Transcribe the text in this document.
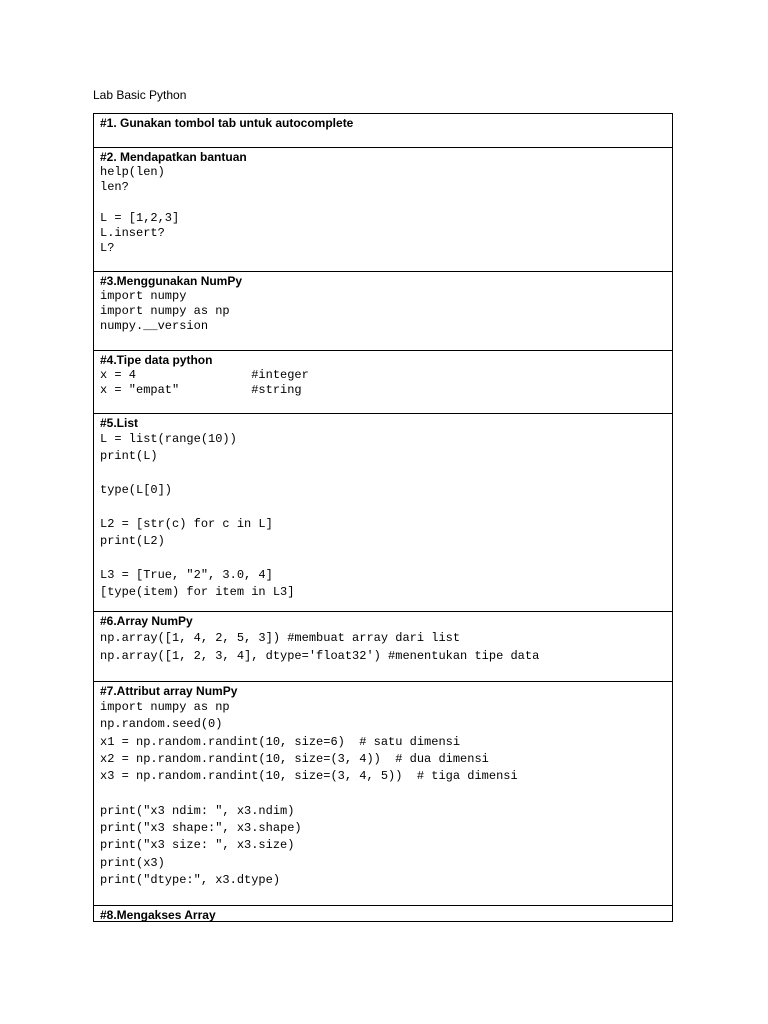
Lab Basic Python
#1. Gunakan tombol tab untuk autocomplete
#2. Mendapatkan bantuan
help(len)
len?

L = [1,2,3]
L.insert?
L?
#3.Menggunakan NumPy
import numpy
import numpy as np
numpy.__version
#4.Tipe data python
x = 4                #integer
x = "empat"          #string
#5.List
L = list(range(10))
print(L)

type(L[0])

L2 = [str(c) for c in L]
print(L2)

L3 = [True, "2", 3.0, 4]
[type(item) for item in L3]
#6.Array NumPy
np.array([1, 4, 2, 5, 3]) #membuat array dari list
np.array([1, 2, 3, 4], dtype='float32') #menentukan tipe data
#7.Attribut array NumPy
import numpy as np
np.random.seed(0)
x1 = np.random.randint(10, size=6)  # satu dimensi
x2 = np.random.randint(10, size=(3, 4))  # dua dimensi
x3 = np.random.randint(10, size=(3, 4, 5))  # tiga dimensi

print("x3 ndim: ", x3.ndim)
print("x3 shape:", x3.shape)
print("x3 size: ", x3.size)
print(x3)
print("dtype:", x3.dtype)
#8.Mengakses Array
